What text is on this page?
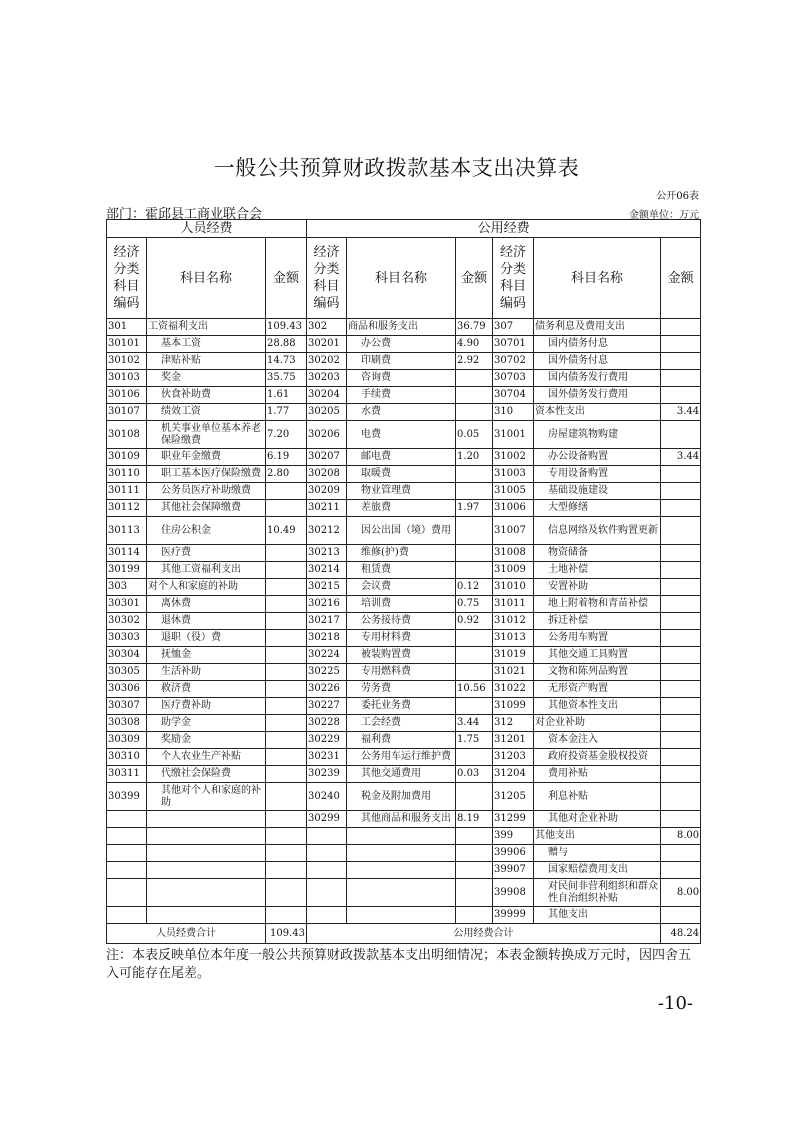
一般公共预算财政拨款基本支出决算表
公开06表
部门：霍邱县工商业联合会	金额单位：万元
人员经费			公用经费					
经济分类科目编码	科目名称	金额	经济分类科目编码	科目名称	金额	经济分类科目编码	科目名称	金额
301	工资福利支出	109.43	302	商品和服务支出	36.79	307	债务利息及费用支出	
30101	基本工资	28.88	30201	办公费	4.90	30701	国内债务付息	
30102	津贴补贴	14.73	30202	印刷费	2.92	30702	国外债务付息	
30103	奖金	35.75	30203	咨询费		30703	国内债务发行费用	
30106	伙食补助费	1.61	30204	手续费		30704	国外债务发行费用	
30107	绩效工资	1.77	30205	水费		310	资本性支出	3.44
30108	机关事业单位基本养老保险缴费	7.20	30206	电费	0.05	31001	房屋建筑物购建	
30109	职业年金缴费	6.19	30207	邮电费	1.20	31002	办公设备购置	3.44
30110	职工基本医疗保险缴费	2.80	30208	取暖费		31003	专用设备购置	
30111	公务员医疗补助缴费		30209	物业管理费		31005	基础设施建设	
30112	其他社会保障缴费		30211	差旅费	1.97	31006	大型修缮	
30113	住房公积金	10.49	30212	因公出国（境）费用		31007	信息网络及软件购置更新	
30114	医疗费		30213	维修(护)费		31008	物资储备	
30199	其他工资福利支出		30214	租赁费		31009	土地补偿	
303	对个人和家庭的补助		30215	会议费	0.12	31010	安置补助	
30301	离休费		30216	培训费	0.75	31011	地上附着物和青苗补偿	
30302	退休费		30217	公务接待费	0.92	31012	拆迁补偿	
30303	退职（役）费		30218	专用材料费		31013	公务用车购置	
30304	抚恤金		30224	被装购置费		31019	其他交通工具购置	
30305	生活补助		30225	专用燃料费		31021	文物和陈列品购置	
30306	救济费		30226	劳务费	10.56	31022	无形资产购置	
30307	医疗费补助		30227	委托业务费		31099	其他资本性支出	
30308	助学金		30228	工会经费	3.44	312	对企业补助	
30309	奖励金		30229	福利费	1.75	31201	资本金注入	
30310	个人农业生产补贴		30231	公务用车运行维护费		31203	政府投资基金股权投资	
30311	代缴社会保险费		30239	其他交通费用	0.03	31204	费用补贴	
30399	其他对个人和家庭的补助		30240	税金及附加费用		31205	利息补贴	
			30299	其他商品和服务支出	8.19	31299	其他对企业补助	
						399	其他支出	8.00
						39906	赠与	
						39907	国家赔偿费用支出	
						39908	对民间非营利组织和群众性自治组织补贴	8.00
						39999	其他支出	
人员经费合计		109.43	公用经费合计					48.24
注：本表反映单位本年度一般公共预算财政拨款基本支出明细情况；本表金额转换成万元时，因四舍五入可能存在尾差。
-10-
